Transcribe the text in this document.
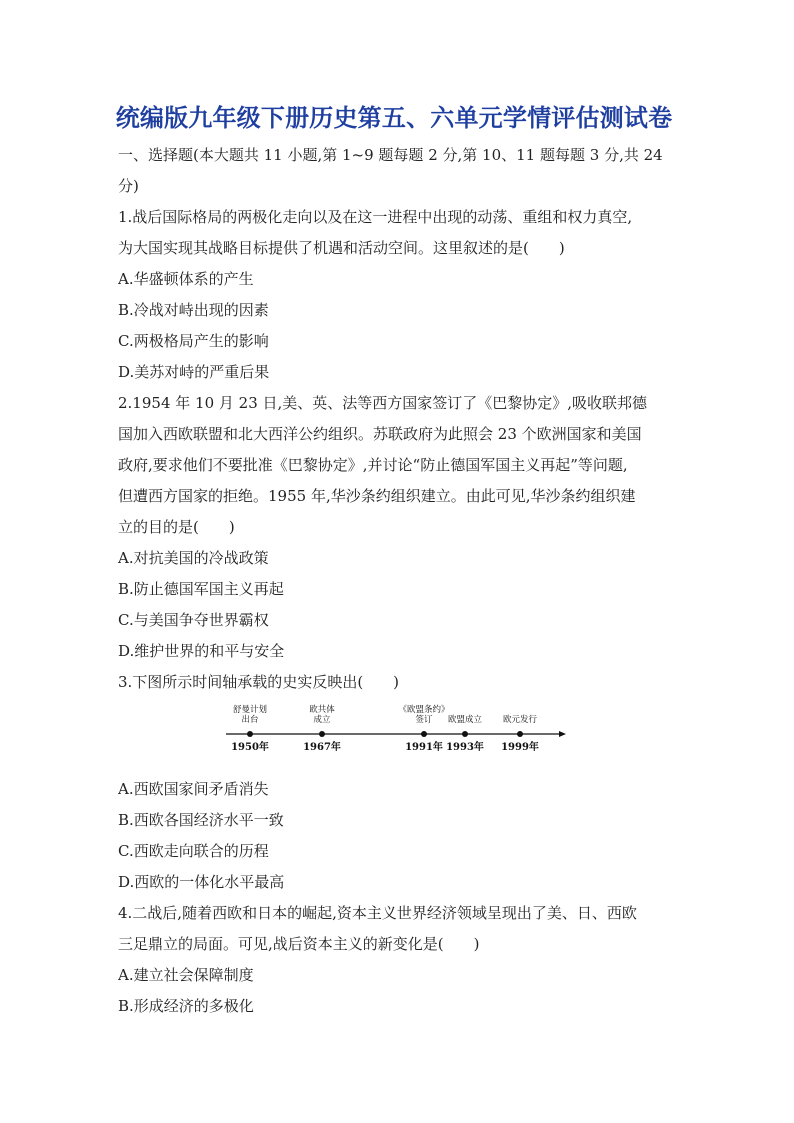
统编版九年级下册历史第五、六单元学情评估测试卷
一、选择题(本大题共 11 小题,第 1~9 题每题 2 分,第 10、11 题每题 3 分,共 24
分)
1.战后国际格局的两极化走向以及在这一进程中出现的动荡、重组和权力真空,
为大国实现其战略目标提供了机遇和活动空间。这里叙述的是(　　)
A.华盛顿体系的产生
B.冷战对峙出现的因素
C.两极格局产生的影响
D.美苏对峙的严重后果
2.1954 年 10 月 23 日,美、英、法等西方国家签订了《巴黎协定》,吸收联邦德
国加入西欧联盟和北大西洋公约组织。苏联政府为此照会 23 个欧洲国家和美国
政府,要求他们不要批准《巴黎协定》,并讨论“防止德国军国主义再起”等问题,
但遭西方国家的拒绝。1955 年,华沙条约组织建立。由此可见,华沙条约组织建
立的目的是(　　)
A.对抗美国的冷战政策
B.防止德国军国主义再起
C.与美国争夺世界霸权
D.维护世界的和平与安全
3.下图所示时间轴承载的史实反映出(　　)
舒曼计划
出台
1950年
欧共体
成立
1967年
《欧盟条约》
签订
1991年
欧盟成立
1993年
欧元发行
1999年
A.西欧国家间矛盾消失
B.西欧各国经济水平一致
C.西欧走向联合的历程
D.西欧的一体化水平最高
4.二战后,随着西欧和日本的崛起,资本主义世界经济领域呈现出了美、日、西欧
三足鼎立的局面。可见,战后资本主义的新变化是(　　)
A.建立社会保障制度
B.形成经济的多极化
